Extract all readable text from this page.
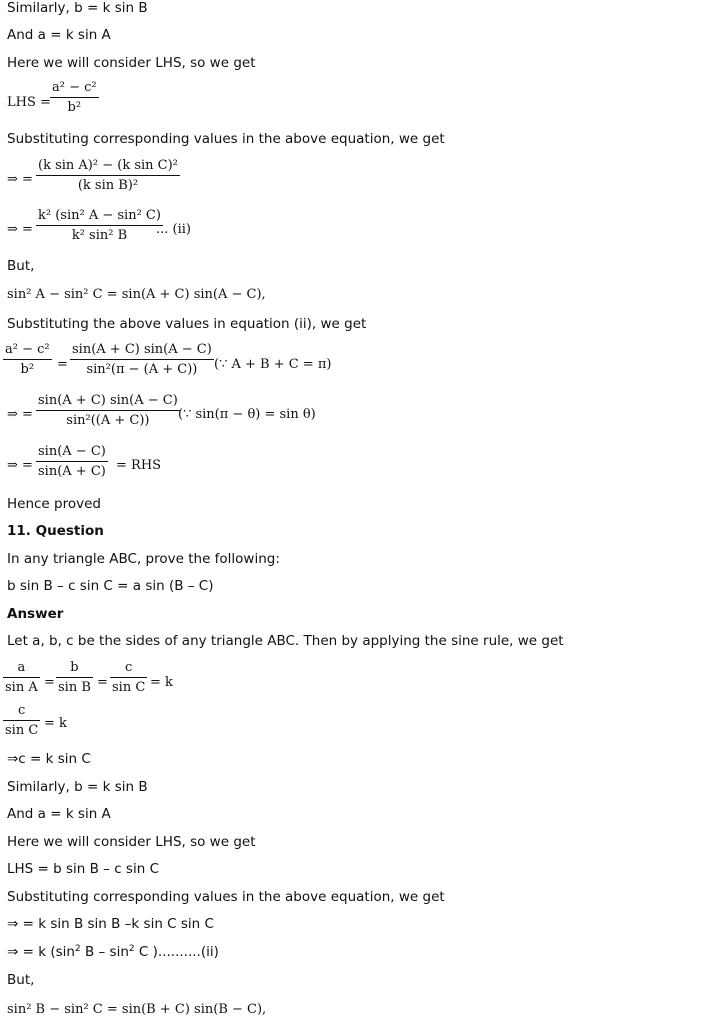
Similarly, b = k sin B
And a = k sin A
Here we will consider LHS, so we get
LHS = $\frac{\text{a² − c²}}{\text{b²}}$
Substituting corresponding values in the above equation, we get
⇒ = $\frac{\text{(k sin A)² − (k sin C)²}}{\text{(k sin B)²}}$
⇒ = $\frac{\text{k² (sin² A − sin² C)}}{\text{k² sin² B}}$
... (ii)
But,
sin² A − sin² C = sin(A + C) sin(A − C),
Substituting the above values in equation (ii), we get
$\frac{\text{a² − c²}}{\text{b²}} = \frac{\sin(A + C) \sin(A - C)}{\text{sin²(π − (A + C))}}$ (∵ A + B + C = π)
⇒ = $\frac{\sin(A + C) \sin(A - C)}{\text{sin²((A + C))}}$
(∵ sin(π − θ) = sin θ)
⇒ = $\frac{\sin(A - C)}{\sin(A + C)}$ = RHS
Hence proved
11. Question
In any triangle ABC, prove the following:
b sin B – c sin C = a sin (B – C)
Answer
Let a, b, c be the sides of any triangle ABC. Then by applying the sine rule, we get
$\frac{a}{\text{sin A}} = \frac{b}{\text{sin B}} = \frac{c}{\text{sin C}} = k$
$\frac{c}{\text{sin C}} = k$
⇒c = k sin C
Similarly, b = k sin B
And a = k sin A
Here we will consider LHS, so we get
LHS = b sin B – c sin C
Substituting corresponding values in the above equation, we get
⇒ = k sin B sin B –k sin C sin C
⇒ = k ($\sin^2$ B – $\sin^2 C$ )..........(ii)
But,
sin² B − sin² C = sin(B + C) sin(B − C),
